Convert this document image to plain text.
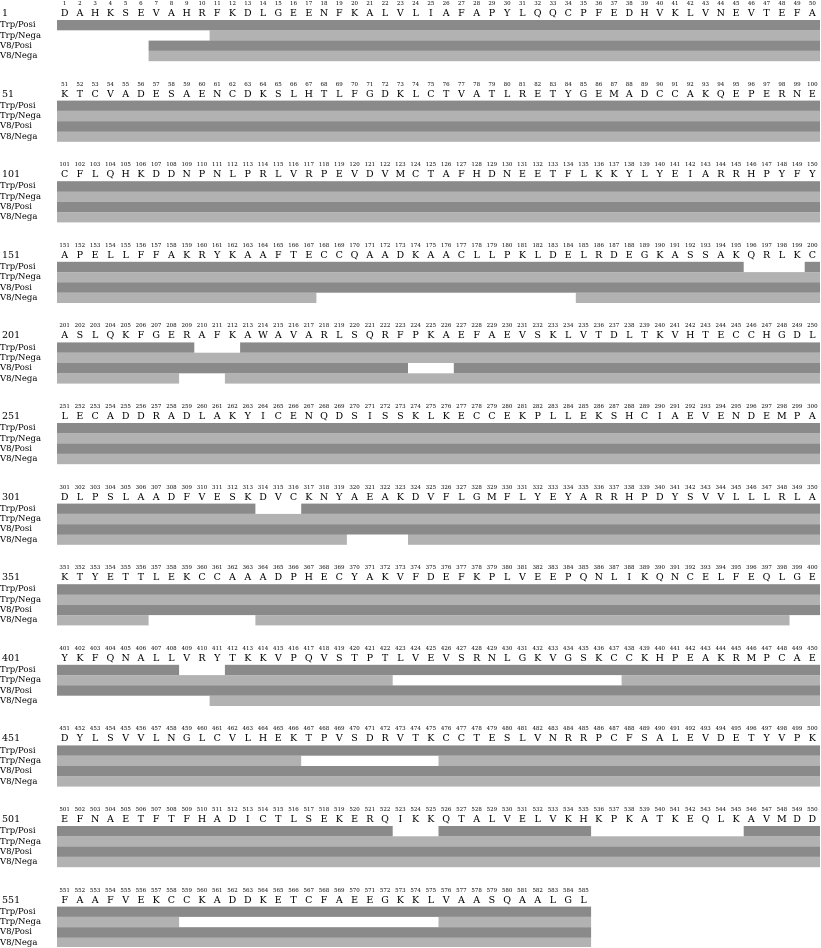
1
1 2 3 4 5 6 7 8 9 10 11 12 13 14 15 16 17 18 19 20 21 22 23 24 25 26 27 28 29 30 31 32 33 34 35 36 37 38 39 40 41 42 43 44 45 46 47 48 49 50
D A H K S E V A H R F K D L G E E N F K A L V L I A F A P Y L Q Q C P F E D H V K L V N E V T E F A
Trp/Posi
Trp/Nega
V8/Posi
V8/Nega
51
51 52 53 54 55 56 57 58 59 60 61 62 63 64 65 66 67 68 69 70 71 72 73 74 75 76 77 78 79 80 81 82 83 84 85 86 87 88 89 90 91 92 93 94 95 96 97 98 99 100
K T C V A D E S A E N C D K S L H T L F G D K L C T V A T L R E T Y G E M A D C C A K Q E P E R N E
Trp/Posi
Trp/Nega
V8/Posi
V8/Nega
101
101 102 103 104 105 106 107 108 109 110 111 112 113 114 115 116 117 118 119 120 121 122 123 124 125 126 127 128 129 130 131 132 133 134 135 136 137 138 139 140 141 142 143 144 145 146 147 148 149 150
C F L Q H K D D N P N L P R L V R P E V D V M C T A F H D N E E T F L K K Y L Y E I A R R H P Y F Y
Trp/Posi
Trp/Nega
V8/Posi
V8/Nega
151
151 152 153 154 155 156 157 158 159 160 161 162 163 164 165 166 167 168 169 170 171 172 173 174 175 176 177 178 179 180 181 182 183 184 185 186 187 188 189 190 191 192 193 194 195 196 197 198 199 200
A P E L L F F A K R Y K A A F T E C C Q A A D K A A C L L P K L D E L R D E G K A S S A K Q R L K C
Trp/Posi
Trp/Nega
V8/Posi
V8/Nega
201
201 202 203 204 205 206 207 208 209 210 211 212 213 214 215 216 217 218 219 220 221 222 223 224 225 226 227 228 229 230 231 232 233 234 235 236 237 238 239 240 241 242 243 244 245 246 247 248 249 250
A S L Q K F G E R A F K A W A V A R L S Q R F P K A E F A E V S K L V T D L T K V H T E C C H G D L
Trp/Posi
Trp/Nega
V8/Posi
V8/Nega
251
251 252 253 254 255 256 257 258 259 260 261 262 263 264 265 266 267 268 269 270 271 272 273 274 275 276 277 278 279 280 281 282 283 284 285 286 287 288 289 290 291 292 293 294 295 296 297 298 299 300
L E C A D D R A D L A K Y I C E N Q D S I S S K L K E C C E K P L L E K S H C I A E V E N D E M P A
Trp/Posi
Trp/Nega
V8/Posi
V8/Nega
301
301 302 303 304 305 306 307 308 309 310 311 312 313 314 315 316 317 318 319 320 321 322 323 324 325 326 327 328 329 330 331 332 333 334 335 336 337 338 339 340 341 342 343 344 345 346 347 348 349 350
D L P S L A A D F V E S K D V C K N Y A E A K D V F L G M F L Y E Y A R R H P D Y S V V L L L R L A
Trp/Posi
Trp/Nega
V8/Posi
V8/Nega
351
351 352 353 354 355 356 357 358 359 360 361 362 363 364 365 366 367 368 369 370 371 372 373 374 375 376 377 378 379 380 381 382 383 384 385 386 387 388 389 390 391 392 393 394 395 396 397 398 399 400
K T Y E T T L E K C C A A A D P H E C Y A K V F D E F K P L V E E P Q N L I K Q N C E L F E Q L G E
Trp/Posi
Trp/Nega
V8/Posi
V8/Nega
401
401 402 403 404 405 406 407 408 409 410 411 412 413 414 415 416 417 418 419 420 421 422 423 424 425 426 427 428 429 430 431 432 433 434 435 436 437 438 439 440 441 442 443 444 445 446 447 448 449 450
Y K F Q N A L L V R Y T K K V P Q V S T P T L V E V S R N L G K V G S K C C K H P E A K R M P C A E
Trp/Posi
Trp/Nega
V8/Posi
V8/Nega
451
451 452 453 454 455 456 457 458 459 460 461 462 463 464 465 466 467 468 469 470 471 472 473 474 475 476 477 478 479 480 481 482 483 484 485 486 487 488 489 490 491 492 493 494 495 496 497 498 499 500
D Y L S V V L N G L C V L H E K T P V S D R V T K C C T E S L V N R R P C F S A L E V D E T Y V P K
Trp/Posi
Trp/Nega
V8/Posi
V8/Nega
501
501 502 503 504 505 506 507 508 509 510 511 512 513 514 515 516 517 518 519 520 521 522 523 524 525 526 527 528 529 530 531 532 533 534 535 536 537 538 539 540 541 542 543 544 545 546 547 548 549 550
E F N A E T F T F H A D I C T L S E K E R Q I K K Q T A L V E L V K H K P K A T K E Q L K A V M D D
Trp/Posi
Trp/Nega
V8/Posi
V8/Nega
551
551 552 553 554 555 556 557 558 559 560 561 562 563 564 565 566 567 568 569 570 571 572 573 574 575 576 577 578 579 580 581 582 583 584 585
F A A F V E K C C K A D D K E T C F A E E G K K L V A A S Q A A L G L
Trp/Posi
Trp/Nega
V8/Posi
V8/Nega
